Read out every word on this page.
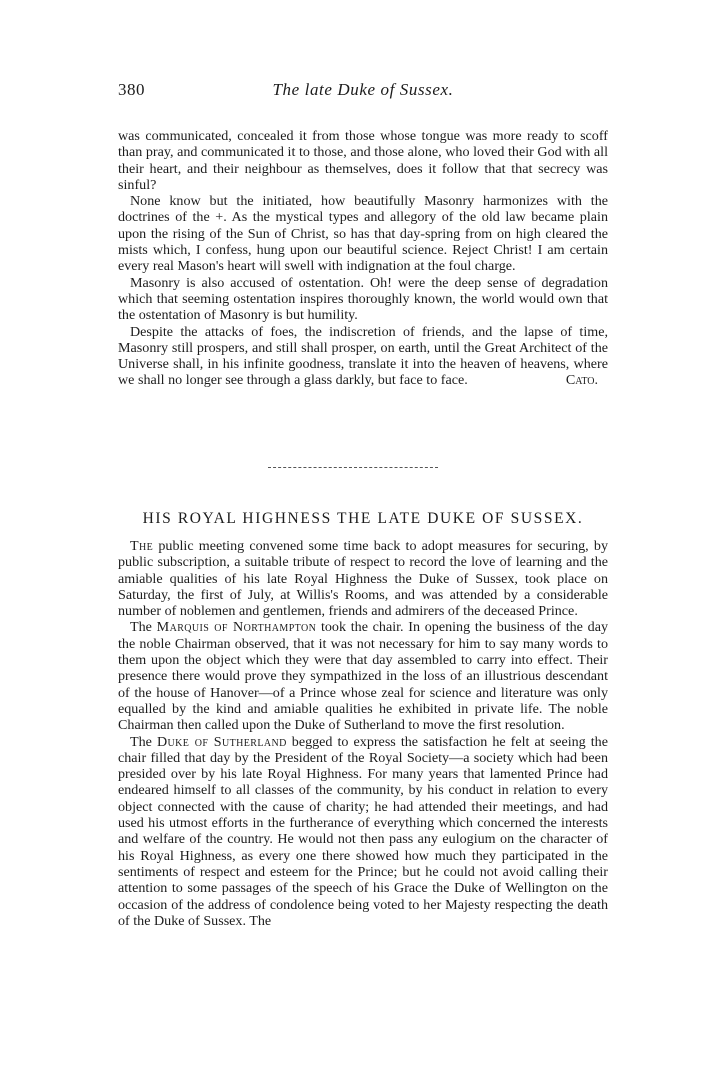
380	The late Duke of Sussex.

was communicated, concealed it from those whose tongue was more ready to scoff than pray, and communicated it to those, and those alone, who loved their God with all their heart, and their neighbour as themselves, does it follow that that secrecy was sinful?

None know but the initiated, how beautifully Masonry harmonizes with the doctrines of the +. As the mystical types and allegory of the old law became plain upon the rising of the Sun of Christ, so has that day-spring from on high cleared the mists which, I confess, hung upon our beautiful science. Reject Christ! I am certain every real Mason's heart will swell with indignation at the foul charge.

Masonry is also accused of ostentation. Oh! were the deep sense of degradation which that seeming ostentation inspires thoroughly known, the world would own that the ostentation of Masonry is but humility.

Despite the attacks of foes, the indiscretion of friends, and the lapse of time, Masonry still prospers, and still shall prosper, on earth, until the Great Architect of the Universe shall, in his infinite goodness, translate it into the heaven of heavens, where we shall no longer see through a glass darkly, but face to face.	Cato.
HIS ROYAL HIGHNESS THE LATE DUKE OF SUSSEX.

The public meeting convened some time back to adopt measures for securing, by public subscription, a suitable tribute of respect to record the love of learning and the amiable qualities of his late Royal Highness the Duke of Sussex, took place on Saturday, the first of July, at Willis's Rooms, and was attended by a considerable number of noblemen and gentlemen, friends and admirers of the deceased Prince.

The Marquis of Northampton took the chair. In opening the business of the day the noble Chairman observed, that it was not necessary for him to say many words to them upon the object which they were that day assembled to carry into effect. Their presence there would prove they sympathized in the loss of an illustrious descendant of the house of Hanover—of a Prince whose zeal for science and literature was only equalled by the kind and amiable qualities he exhibited in private life. The noble Chairman then called upon the Duke of Sutherland to move the first resolution.

The Duke of Sutherland begged to express the satisfaction he felt at seeing the chair filled that day by the President of the Royal Society—a society which had been presided over by his late Royal Highness. For many years that lamented Prince had endeared himself to all classes of the community, by his conduct in relation to every object connected with the cause of charity; he had attended their meetings, and had used his utmost efforts in the furtherance of everything which concerned the interests and welfare of the country. He would not then pass any eulogium on the character of his Royal Highness, as every one there showed how much they participated in the sentiments of respect and esteem for the Prince; but he could not avoid calling their attention to some passages of the speech of his Grace the Duke of Wellington on the occasion of the address of condolence being voted to her Majesty respecting the death of the Duke of Sussex. The
